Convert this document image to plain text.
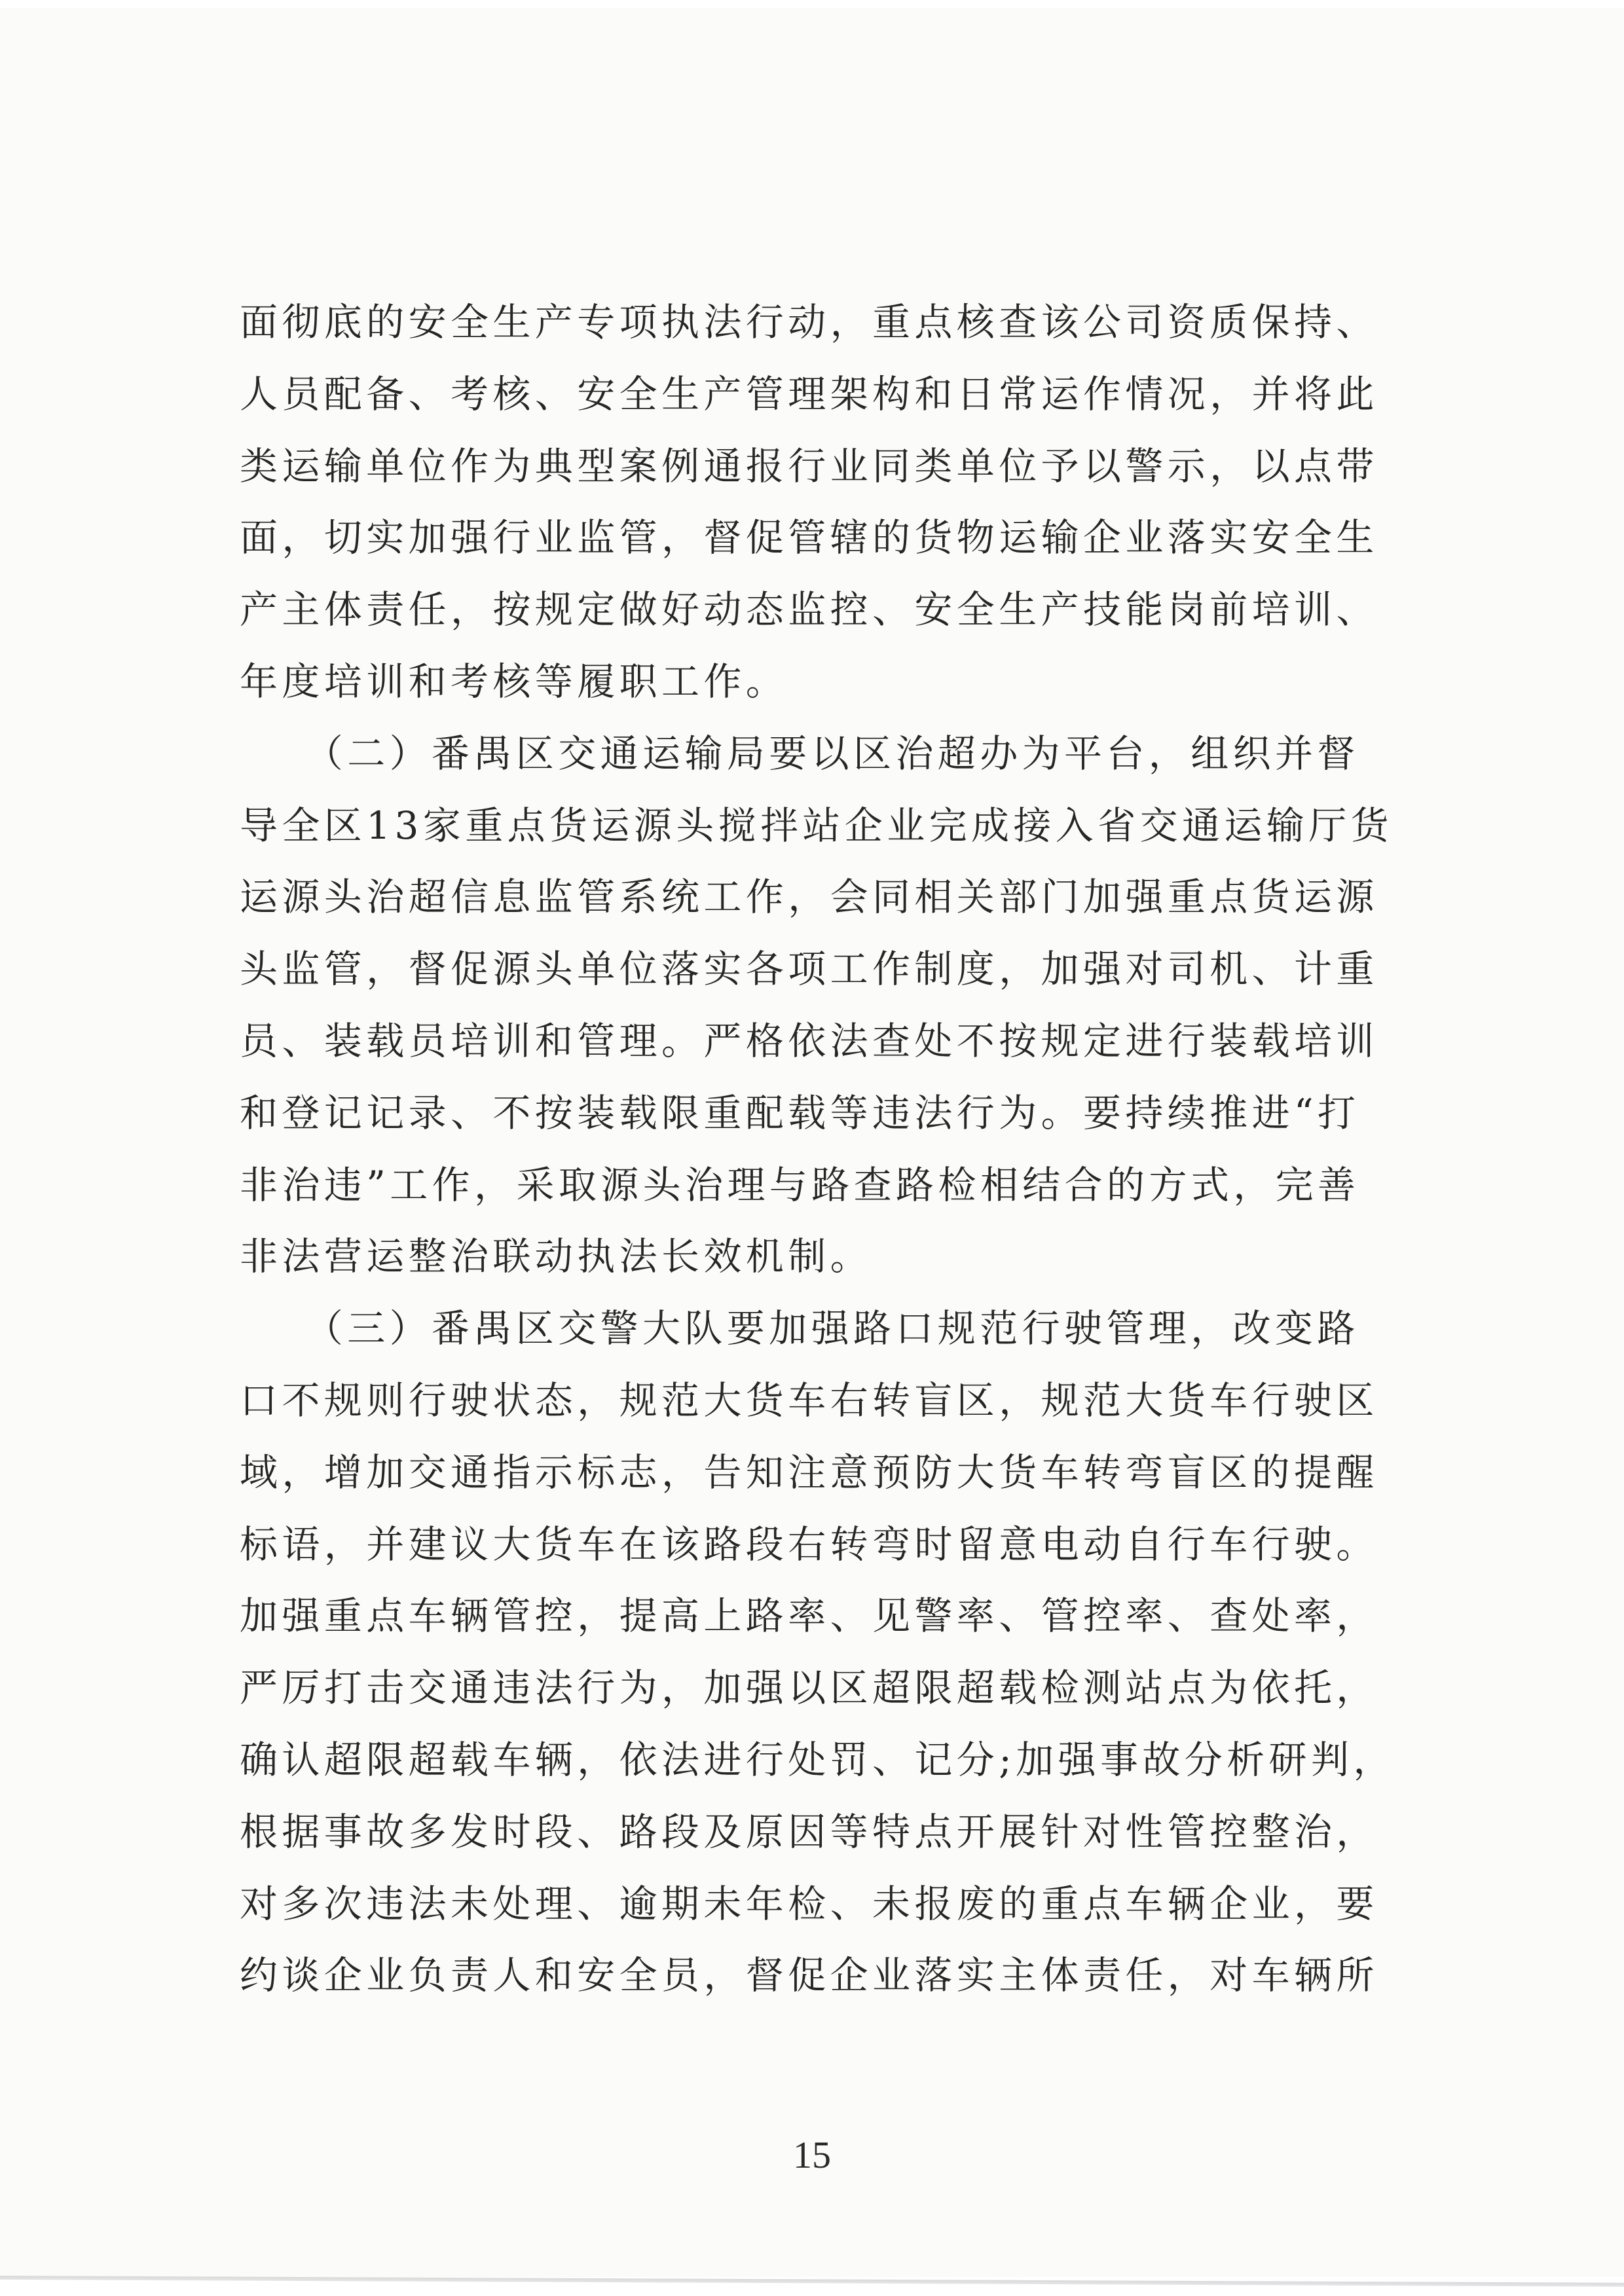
面彻底的安全生产专项执法行动，重点核查该公司资质保持、
人员配备、考核、安全生产管理架构和日常运作情况，并将此
类运输单位作为典型案例通报行业同类单位予以警示，以点带
面，切实加强行业监管，督促管辖的货物运输企业落实安全生
产主体责任，按规定做好动态监控、安全生产技能岗前培训、
年度培训和考核等履职工作。
　　（二）番禺区交通运输局要以区治超办为平台，组织并督
导全区13家重点货运源头搅拌站企业完成接入省交通运输厅货
运源头治超信息监管系统工作，会同相关部门加强重点货运源
头监管，督促源头单位落实各项工作制度，加强对司机、计重
员、装载员培训和管理。严格依法查处不按规定进行装载培训
和登记记录、不按装载限重配载等违法行为。要持续推进“打
非治违”工作，采取源头治理与路查路检相结合的方式，完善
非法营运整治联动执法长效机制。
　　（三）番禺区交警大队要加强路口规范行驶管理，改变路
口不规则行驶状态，规范大货车右转盲区，规范大货车行驶区
域，增加交通指示标志，告知注意预防大货车转弯盲区的提醒
标语，并建议大货车在该路段右转弯时留意电动自行车行驶。
加强重点车辆管控，提高上路率、见警率、管控率、查处率，
严厉打击交通违法行为，加强以区超限超载检测站点为依托，
确认超限超载车辆，依法进行处罚、记分;加强事故分析研判，
根据事故多发时段、路段及原因等特点开展针对性管控整治，
对多次违法未处理、逾期未年检、未报废的重点车辆企业，要
约谈企业负责人和安全员，督促企业落实主体责任，对车辆所
15
